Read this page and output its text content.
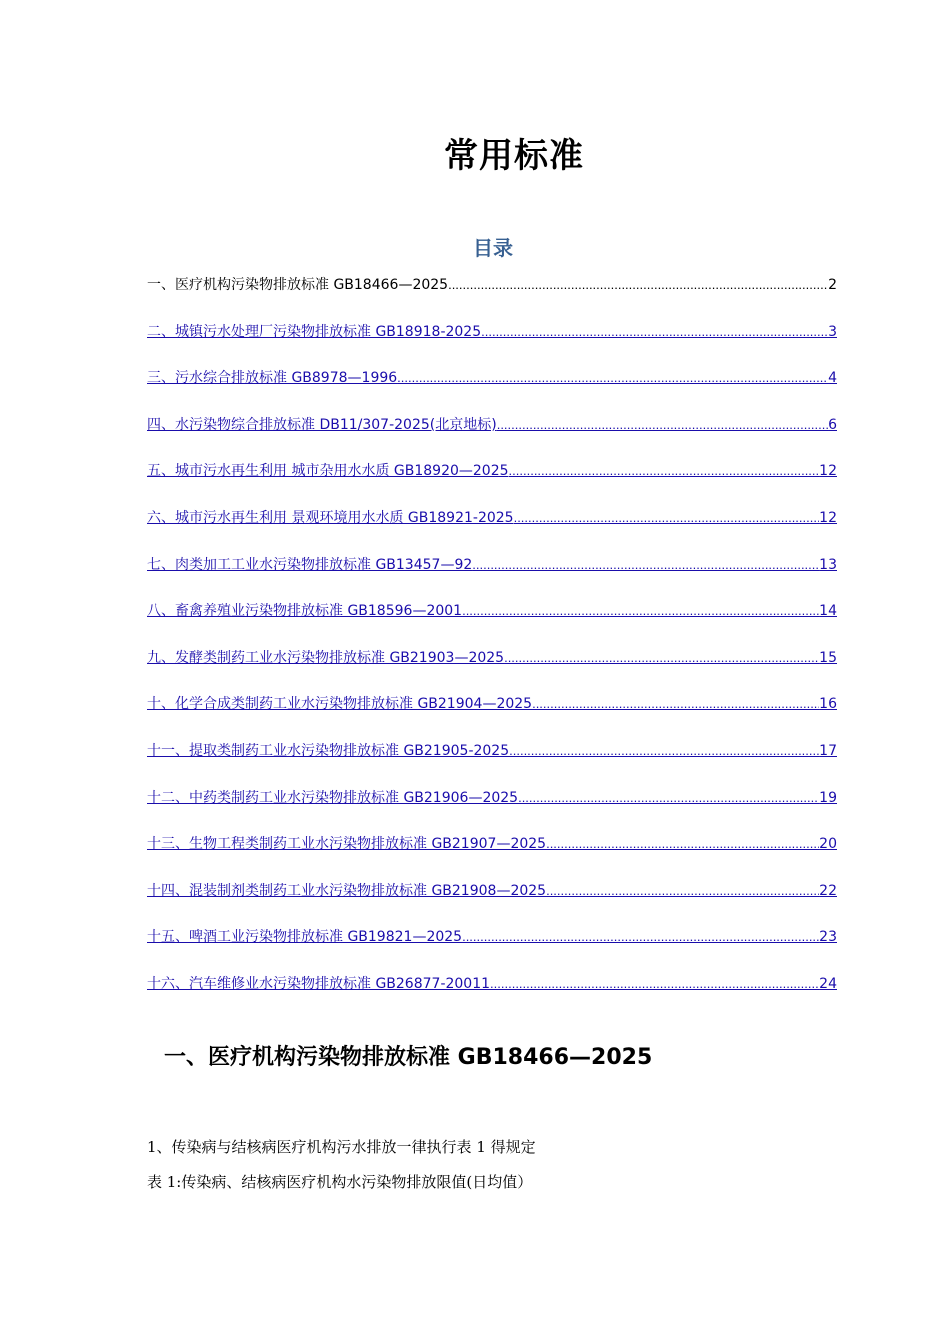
常用标准
目录
一、医疗机构污染物排放标准 GB18466—2025 .....	2
二、城镇污水处理厂污染物排放标准 GB18918-2025 .....	3
三、污水综合排放标准 GB8978—1996 .....	4
四、水污染物综合排放标准 DB11/307-2025(北京地标) .....	6
五、城市污水再生利用 城市杂用水水质 GB18920—2025 .....	12
六、城市污水再生利用 景观环境用水水质 GB18921-2025 .....	12
七、肉类加工工业水污染物排放标准 GB13457—92 .....	13
八、畜禽养殖业污染物排放标准 GB18596—2001 .....	14
九、发酵类制药工业水污染物排放标准 GB21903—2025 .....	15
十、化学合成类制药工业水污染物排放标准 GB21904—2025 .....	16
十一、提取类制药工业水污染物排放标准 GB21905-2025 .....	17
十二、中药类制药工业水污染物排放标准 GB21906—2025 .....	19
十三、生物工程类制药工业水污染物排放标准 GB21907—2025 .....	20
十四、混装制剂类制药工业水污染物排放标准 GB21908—2025 .....	22
十五、啤酒工业污染物排放标准 GB19821—2025 .....	23
十六、汽车维修业水污染物排放标准 GB26877-20011 .....	24
一、医疗机构污染物排放标准 GB18466—2025
1、传染病与结核病医疗机构污水排放一律执行表 1 得规定
表 1:传染病、结核病医疗机构水污染物排放限值(日均值）
